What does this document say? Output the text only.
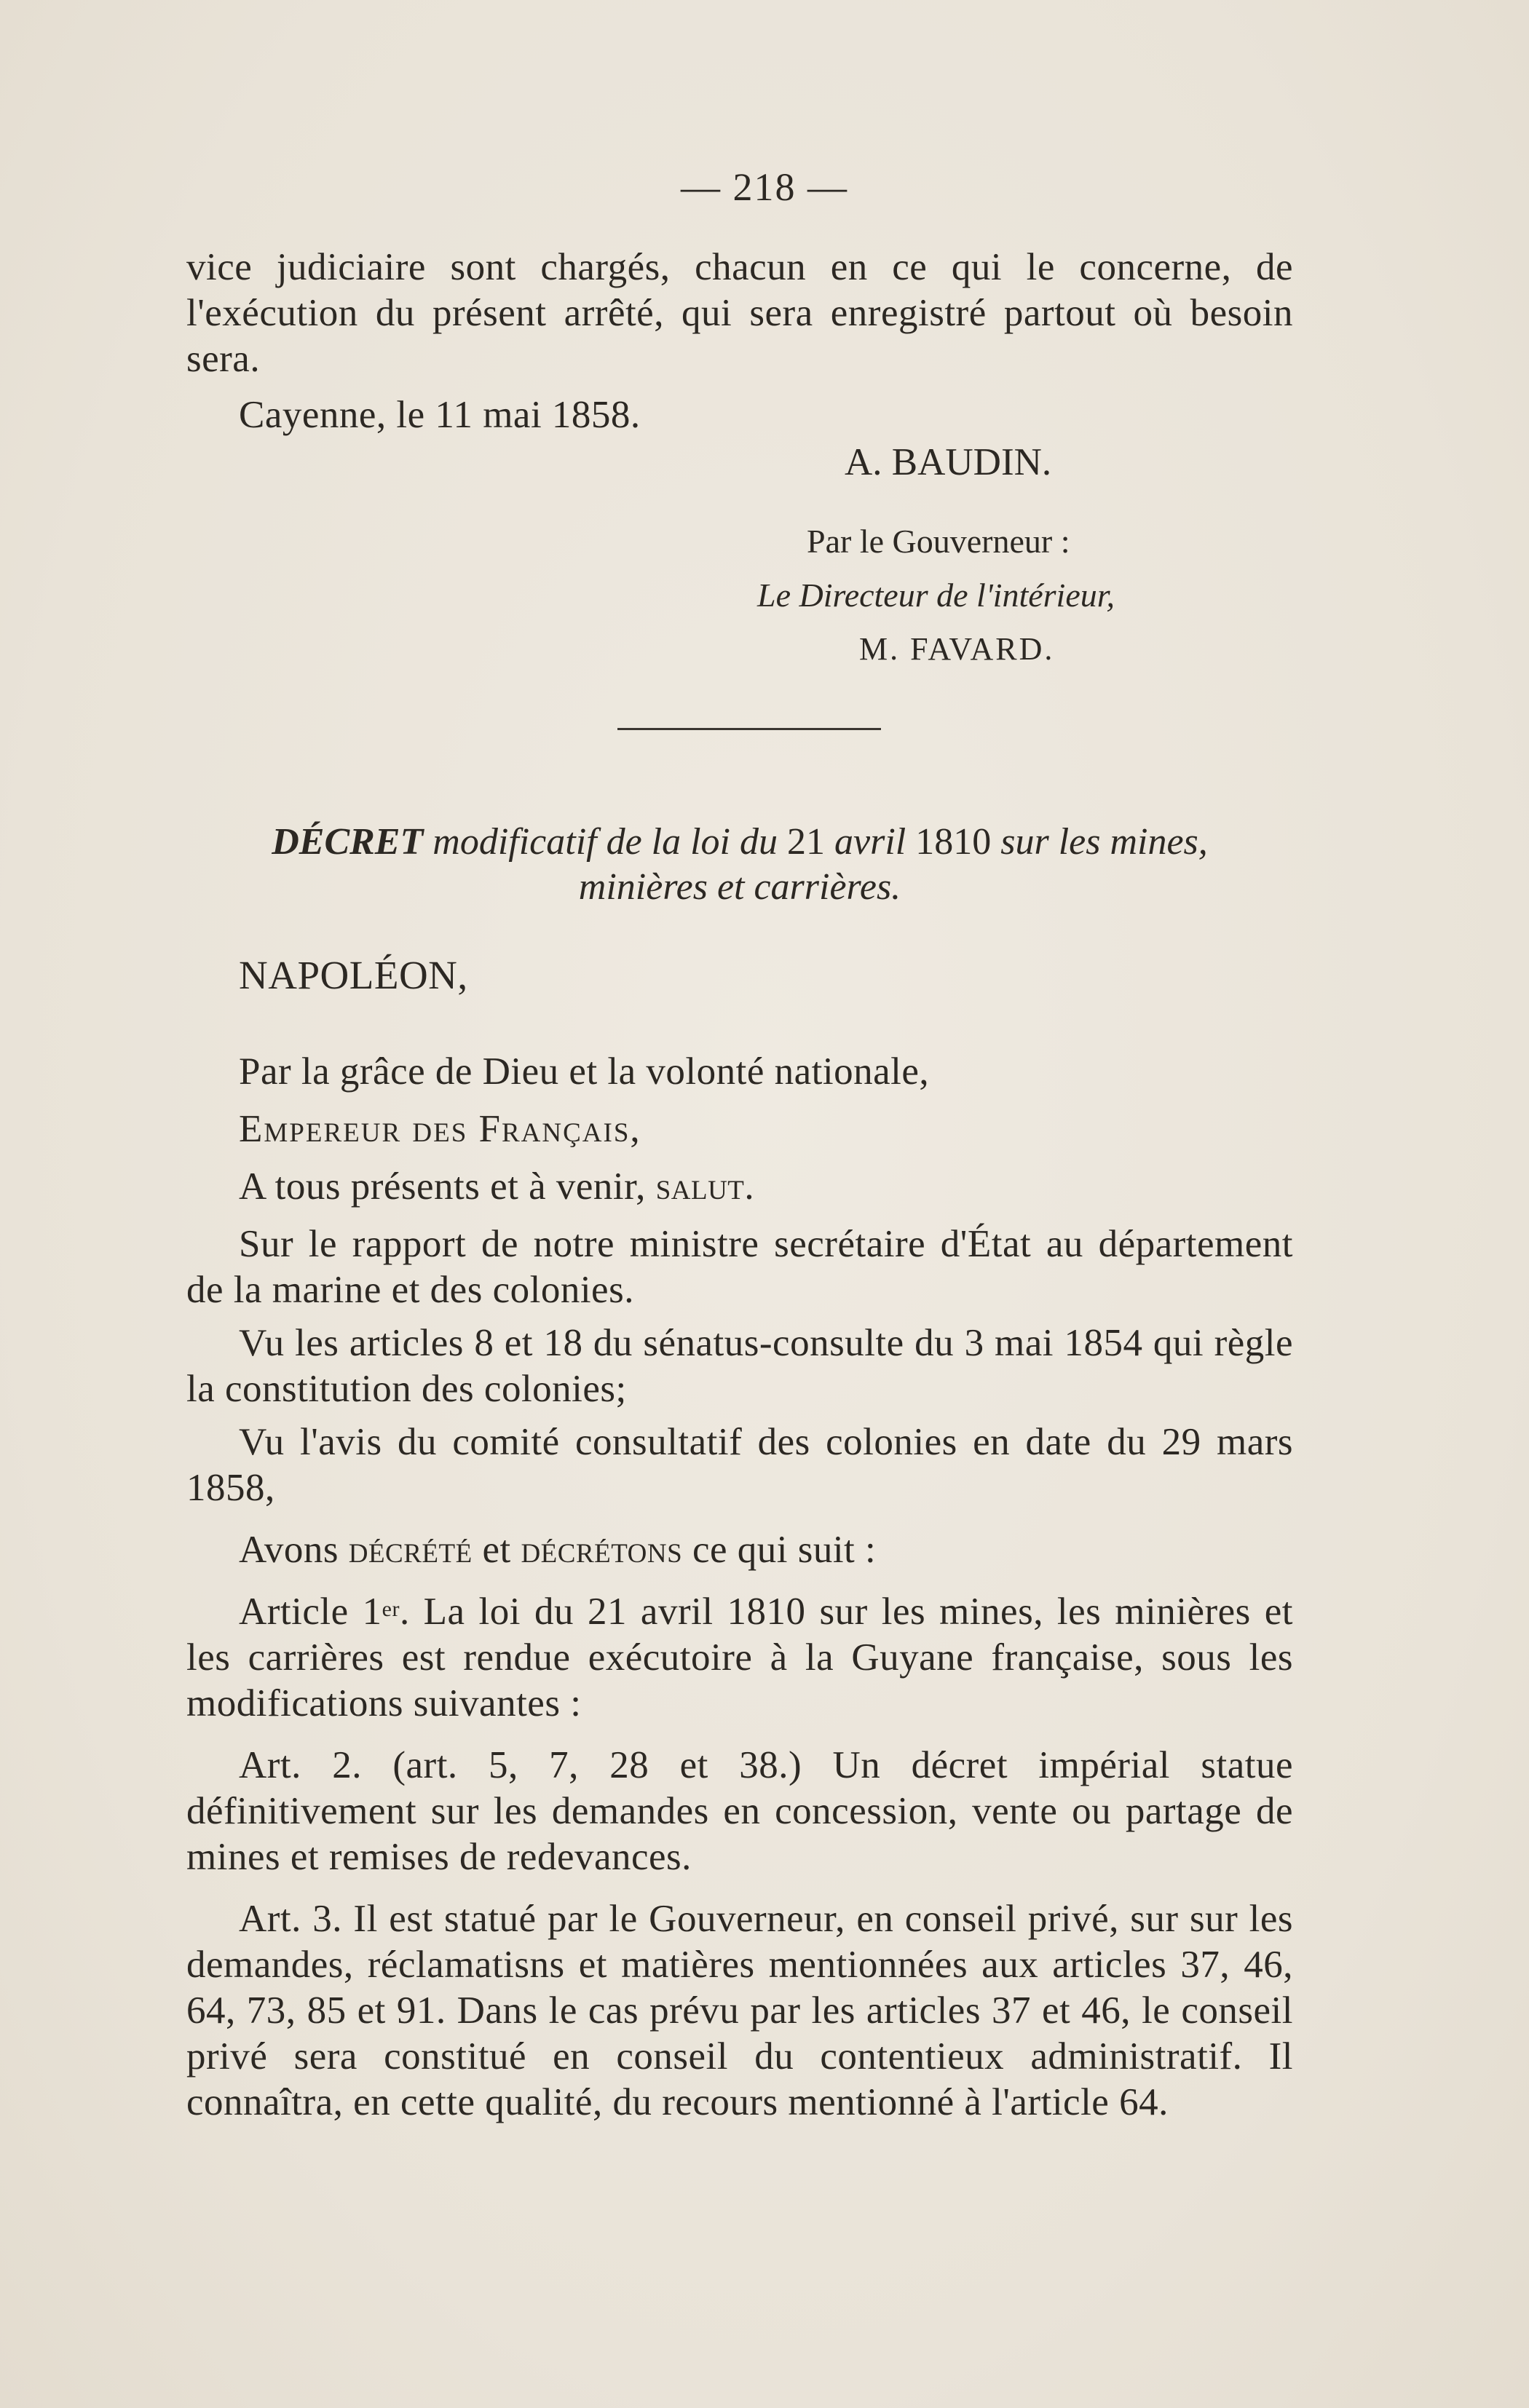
— 218 —

vice judiciaire sont chargés, chacun en ce qui le concerne, de l'exécution du présent arrêté, qui sera enregistré partout où besoin sera.

Cayenne, le 11 mai 1858.

A. BAUDIN.
Par le Gouverneur :
Le Directeur de l'intérieur,
M. FAVARD.
DÉCRET modificatif de la loi du 21 avril 1810 sur les mines,
minières et carrières.

NAPOLÉON,

Par la grâce de Dieu et la volonté nationale,

Empereur des Français,

A tous présents et à venir, salut.

Sur le rapport de notre ministre secrétaire d'État au département de la marine et des colonies.

Vu les articles 8 et 18 du sénatus-consulte du 3 mai 1854 qui règle la constitution des colonies;

Vu l'avis du comité consultatif des colonies en date du 29 mars 1858,

Avons décrété et décrétons ce qui suit :

Article 1er. La loi du 21 avril 1810 sur les mines, les minières et les carrières est rendue exécutoire à la Guyane française, sous les modifications suivantes :

Art. 2. (art. 5, 7, 28 et 38.) Un décret impérial statue définitivement sur les demandes en concession, vente ou partage de mines et remises de redevances.

Art. 3. Il est statué par le Gouverneur, en conseil privé, sur sur les demandes, réclamatisns et matières mentionnées aux articles 37, 46, 64, 73, 85 et 91. Dans le cas prévu par les articles 37 et 46, le conseil privé sera constitué en conseil du contentieux administratif. Il connaîtra, en cette qualité, du recours mentionné à l'article 64.
